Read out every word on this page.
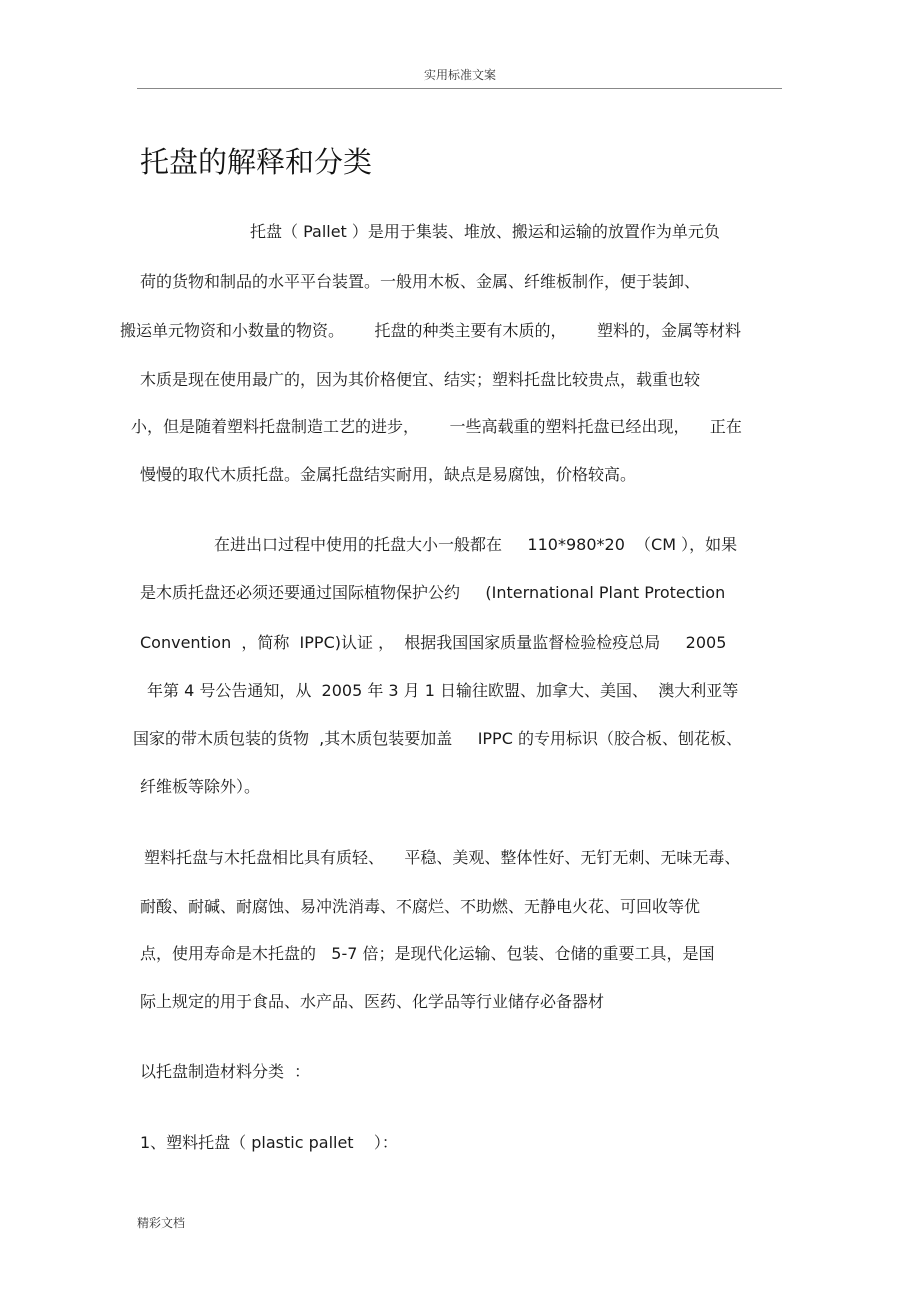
实用标准文案
托盘的解释和分类
托盘（ Pallet ）是用于集装、堆放、搬运和运输的放置作为单元负
荷的货物和制品的水平平台装置。一般用木板、金属、纤维板制作，便于装卸、
搬运单元物资和小数量的物资。      托盘的种类主要有木质的，      塑料的，金属等材料
木质是现在使用最广的，因为其价格便宜、结实；塑料托盘比较贵点，载重也较
小，但是随着塑料托盘制造工艺的进步，      一些高载重的塑料托盘已经出现，    正在
慢慢的取代木质托盘。金属托盘结实耐用，缺点是易腐蚀，价格较高。
在进出口过程中使用的托盘大小一般都在     110*980*20  （CM ），如果
是木质托盘还必须还要通过国际植物保护公约     (International Plant Protection
Convention  ，简称  IPPC)认证 ，  根据我国国家质量监督检验检疫总局     2005
年第 4 号公告通知，从  2005 年 3 月 1 日输往欧盟、加拿大、美国、  澳大利亚等
国家的带木质包装的货物  ,其木质包装要加盖     IPPC 的专用标识（胶合板、刨花板、
纤维板等除外）。
塑料托盘与木托盘相比具有质轻、    平稳、美观、整体性好、无钉无刺、无味无毒、
耐酸、耐碱、耐腐蚀、易冲洗消毒、不腐烂、不助燃、无静电火花、可回收等优
点，使用寿命是木托盘的   5-7 倍；是现代化运输、包装、仓储的重要工具，是国
际上规定的用于食品、水产品、医药、化学品等行业储存必备器材
以托盘制造材料分类  ：
1、塑料托盘（ plastic pallet    ）：
精彩文档
